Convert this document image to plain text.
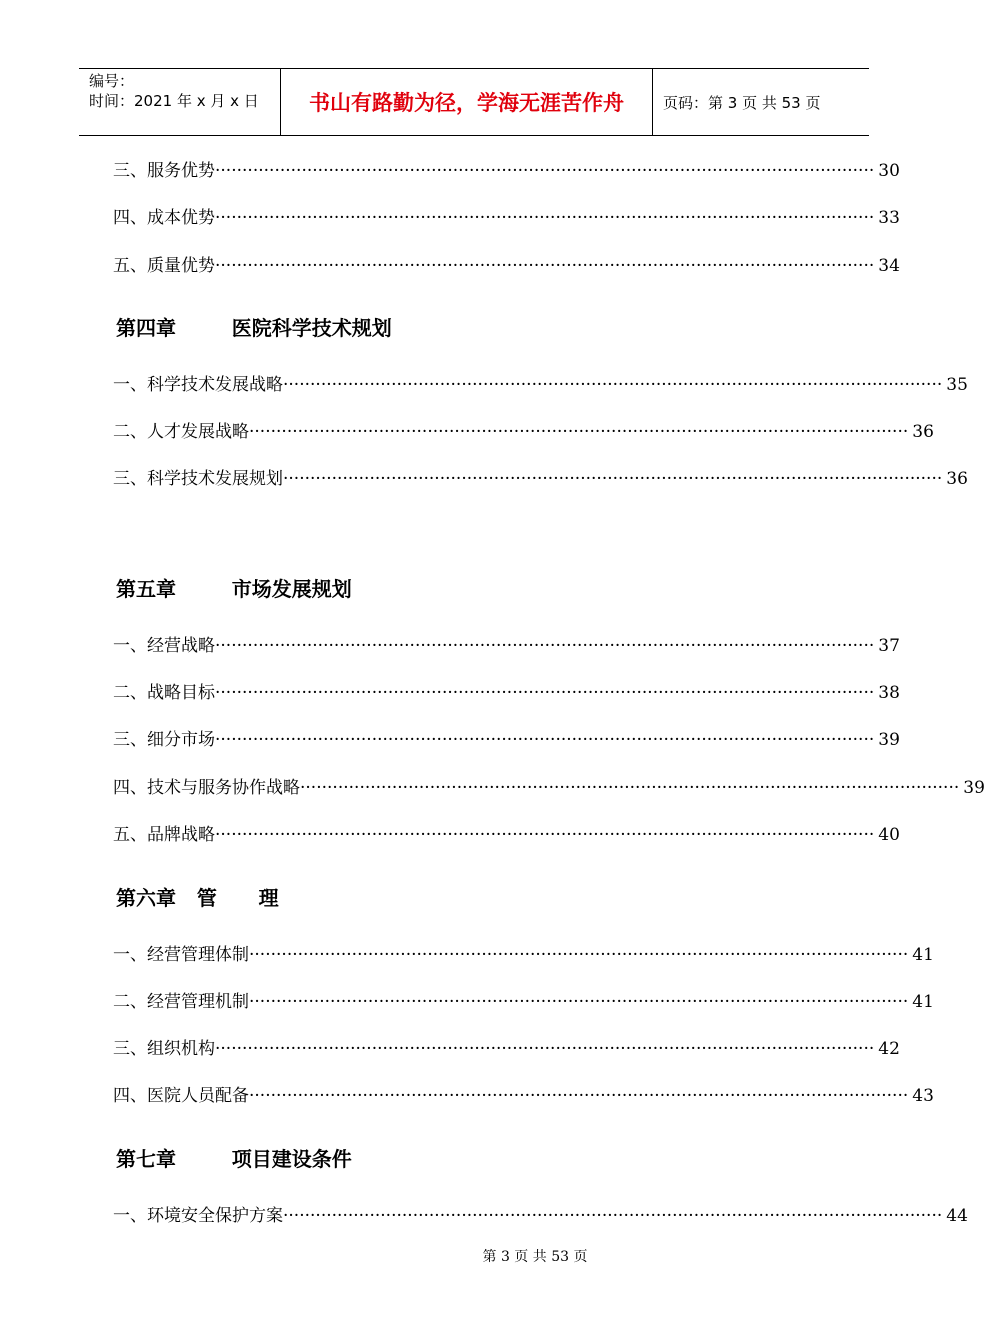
编号：
时间：2021 年 x 月 x 日	书山有路勤为径，学海无涯苦作舟	页码：第 3 页 共 53 页
三、服务优势 ·························································································································· 30
四、成本优势 ·························································································································· 33
五、质量优势 ·························································································································· 34
第四章        医院科学技术规划
一、科学技术发展战略 ·························································································································· 35
二、人才发展战略 ·························································································································· 36
三、科学技术发展规划 ·························································································································· 36
第五章        市场发展规划
一、经营战略 ·························································································································· 37
二、战略目标 ·························································································································· 38
三、细分市场 ·························································································································· 39
四、技术与服务协作战略 ·························································································································· 39
五、品牌战略 ·························································································································· 40
第六章   管      理
一、经营管理体制 ·························································································································· 41
二、经营管理机制 ·························································································································· 41
三、组织机构 ·························································································································· 42
四、医院人员配备 ·························································································································· 43
第七章        项目建设条件
一、环境安全保护方案 ·························································································································· 44
第 3 页 共 53 页
